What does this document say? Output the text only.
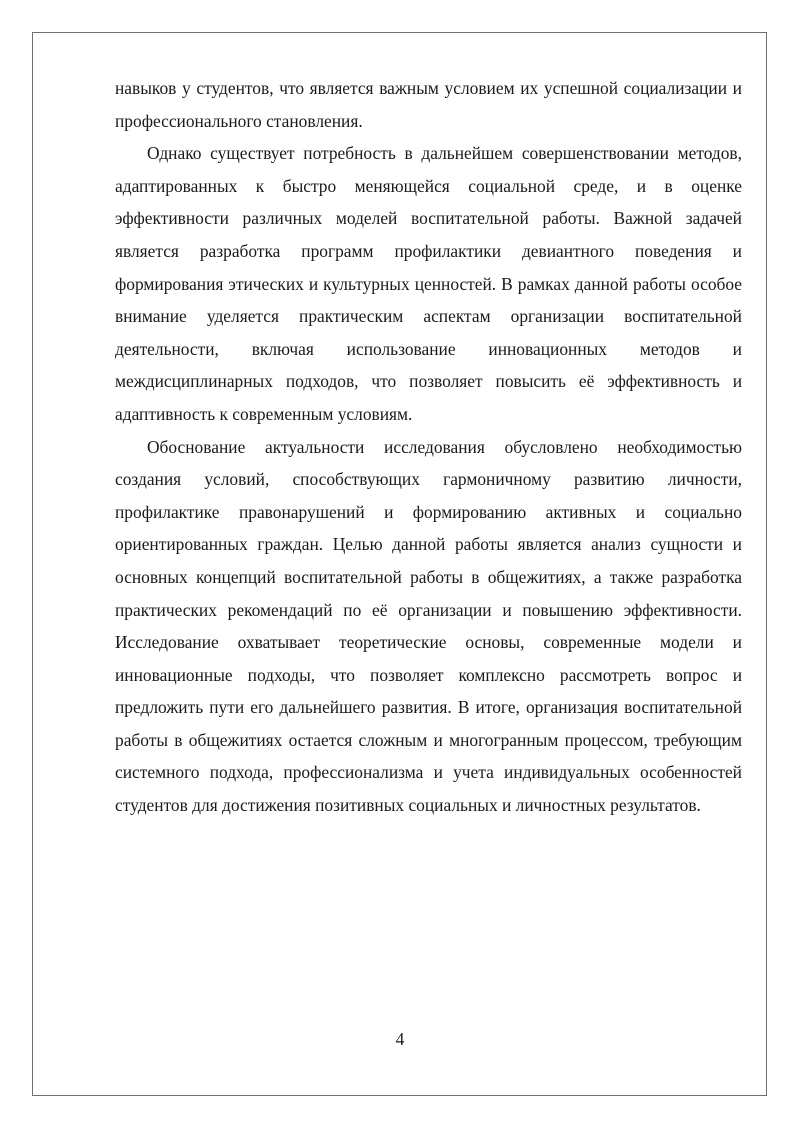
навыков у студентов, что является важным условием их успешной социализации и профессионального становления.

Однако существует потребность в дальнейшем совершенствовании методов, адаптированных к быстро меняющейся социальной среде, и в оценке эффективности различных моделей воспитательной работы. Важной задачей является разработка программ профилактики девиантного поведения и формирования этических и культурных ценностей. В рамках данной работы особое внимание уделяется практическим аспектам организации воспитательной деятельности, включая использование инновационных методов и междисциплинарных подходов, что позволяет повысить её эффективность и адаптивность к современным условиям.

Обоснование актуальности исследования обусловлено необходимостью создания условий, способствующих гармоничному развитию личности, профилактике правонарушений и формированию активных и социально ориентированных граждан. Целью данной работы является анализ сущности и основных концепций воспитательной работы в общежитиях, а также разработка практических рекомендаций по её организации и повышению эффективности. Исследование охватывает теоретические основы, современные модели и инновационные подходы, что позволяет комплексно рассмотреть вопрос и предложить пути его дальнейшего развития. В итоге, организация воспитательной работы в общежитиях остается сложным и многогранным процессом, требующим системного подхода, профессионализма и учета индивидуальных особенностей студентов для достижения позитивных социальных и личностных результатов.

4
